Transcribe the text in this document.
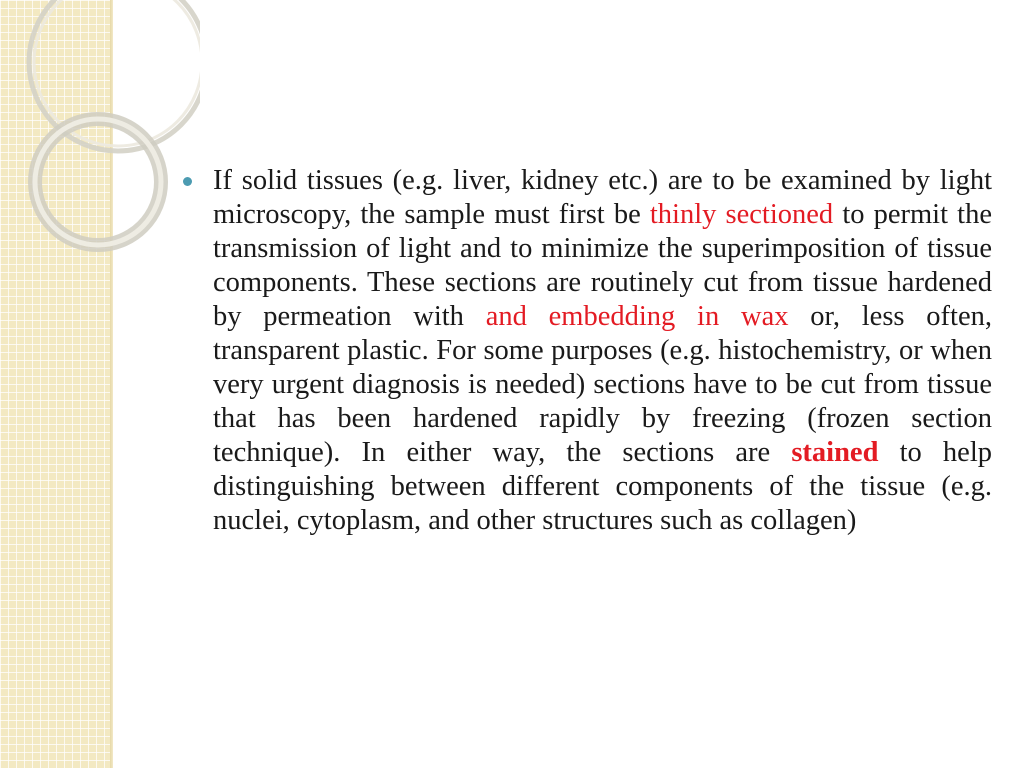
If solid tissues (e.g. liver, kidney etc.) are to be examined by light microscopy, the sample must first be thinly sectioned to permit the transmission of light and to minimize the superimposition of tissue components. These sections are routinely cut from tissue hardened by permeation with and embedding in wax or, less often, transparent plastic. For some purposes (e.g. histochemistry, or when very urgent diagnosis is needed) sections have to be cut from tissue that has been hardened rapidly by freezing (frozen section technique). In either way, the sections are stained to help distinguishing between different components of the tissue (e.g. nuclei, cytoplasm, and other structures such as collagen)
